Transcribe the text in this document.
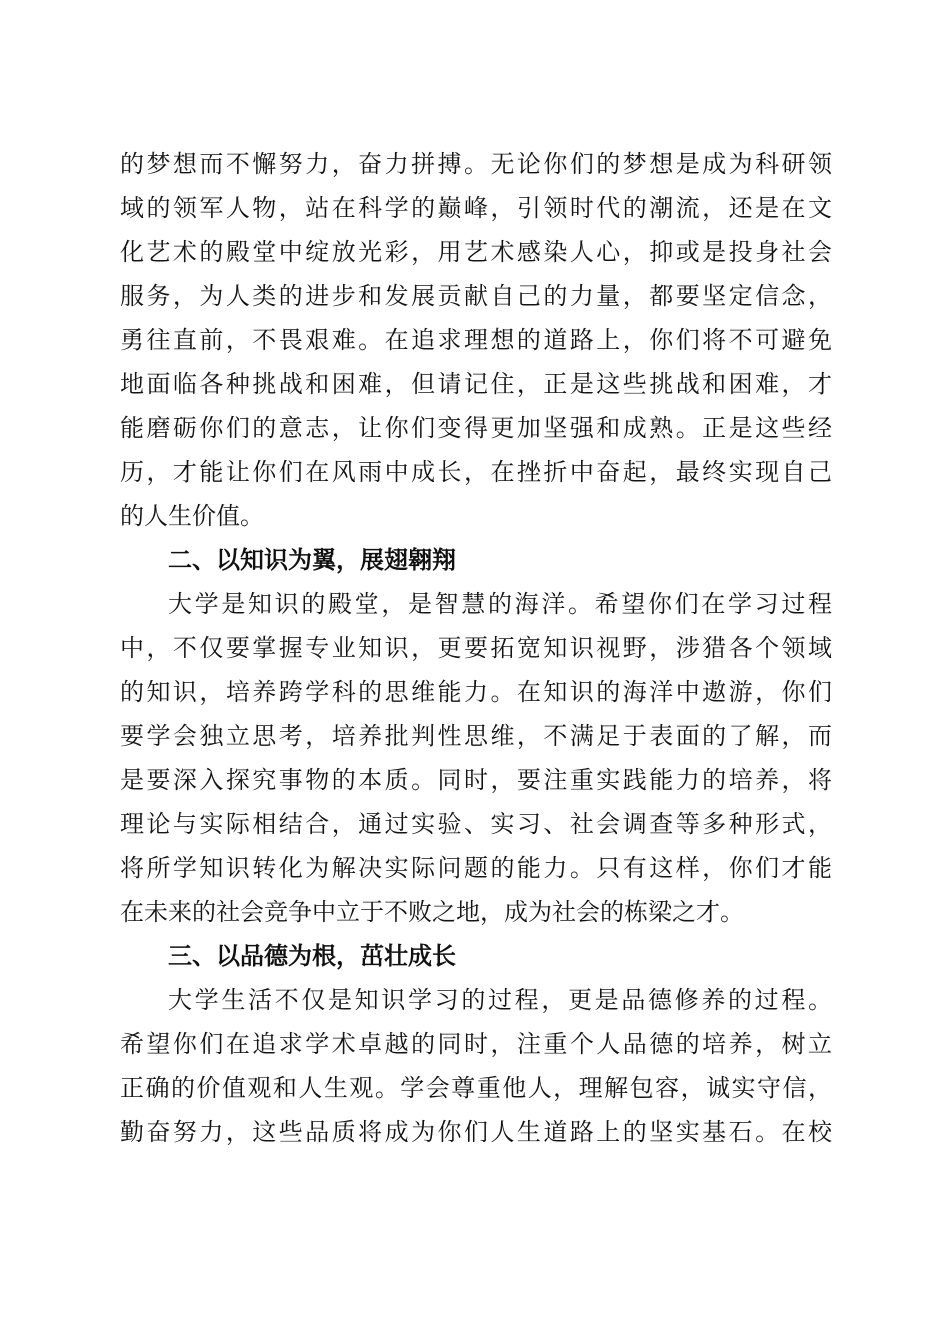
的梦想而不懈努力，奋力拼搏。无论你们的梦想是成为科研领
域的领军人物，站在科学的巅峰，引领时代的潮流，还是在文
化艺术的殿堂中绽放光彩，用艺术感染人心，抑或是投身社会
服务，为人类的进步和发展贡献自己的力量，都要坚定信念，
勇往直前，不畏艰难。在追求理想的道路上，你们将不可避免
地面临各种挑战和困难，但请记住，正是这些挑战和困难，才
能磨砺你们的意志，让你们变得更加坚强和成熟。正是这些经
历，才能让你们在风雨中成长，在挫折中奋起，最终实现自己
的人生价值。
二、以知识为翼，展翅翱翔
大学是知识的殿堂，是智慧的海洋。希望你们在学习过程
中，不仅要掌握专业知识，更要拓宽知识视野，涉猎各个领域
的知识，培养跨学科的思维能力。在知识的海洋中遨游，你们
要学会独立思考，培养批判性思维，不满足于表面的了解，而
是要深入探究事物的本质。同时，要注重实践能力的培养，将
理论与实际相结合，通过实验、实习、社会调查等多种形式，
将所学知识转化为解决实际问题的能力。只有这样，你们才能
在未来的社会竞争中立于不败之地，成为社会的栋梁之才。
三、以品德为根，茁壮成长
大学生活不仅是知识学习的过程，更是品德修养的过程。
希望你们在追求学术卓越的同时，注重个人品德的培养，树立
正确的价值观和人生观。学会尊重他人，理解包容，诚实守信，
勤奋努力，这些品质将成为你们人生道路上的坚实基石。在校
